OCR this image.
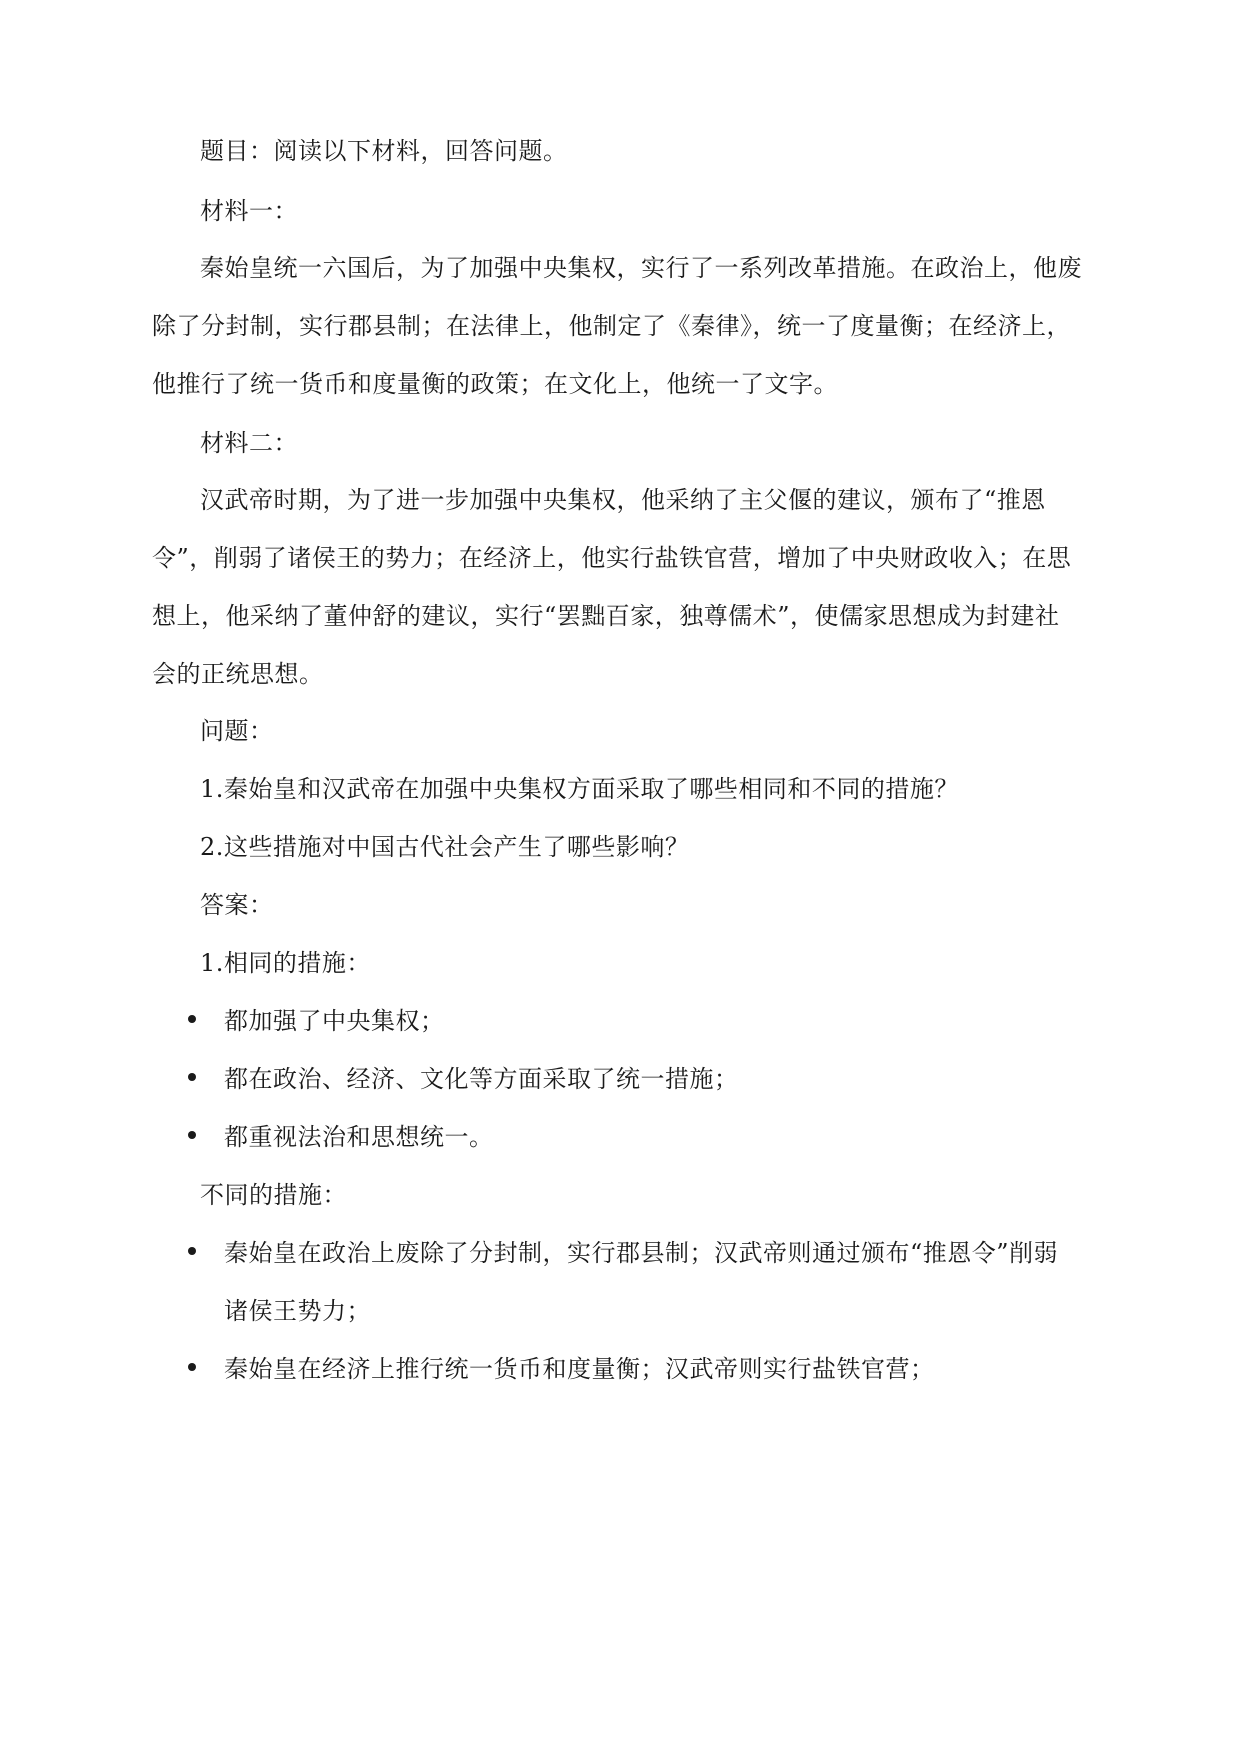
题目：阅读以下材料，回答问题。
材料一：
秦始皇统一六国后，为了加强中央集权，实行了一系列改革措施。在政治上，他废
除了分封制，实行郡县制；在法律上，他制定了《秦律》，统一了度量衡；在经济上，
他推行了统一货币和度量衡的政策；在文化上，他统一了文字。
材料二：
汉武帝时期，为了进一步加强中央集权，他采纳了主父偃的建议，颁布了“推恩
令”，削弱了诸侯王的势力；在经济上，他实行盐铁官营，增加了中央财政收入；在思
想上，他采纳了董仲舒的建议，实行“罢黜百家，独尊儒术”，使儒家思想成为封建社
会的正统思想。
问题：
1.秦始皇和汉武帝在加强中央集权方面采取了哪些相同和不同的措施？
2.这些措施对中国古代社会产生了哪些影响？
答案：
1.相同的措施：
都加强了中央集权；
都在政治、经济、文化等方面采取了统一措施；
都重视法治和思想统一。
不同的措施：
秦始皇在政治上废除了分封制，实行郡县制；汉武帝则通过颁布“推恩令”削弱
诸侯王势力；
秦始皇在经济上推行统一货币和度量衡；汉武帝则实行盐铁官营；
